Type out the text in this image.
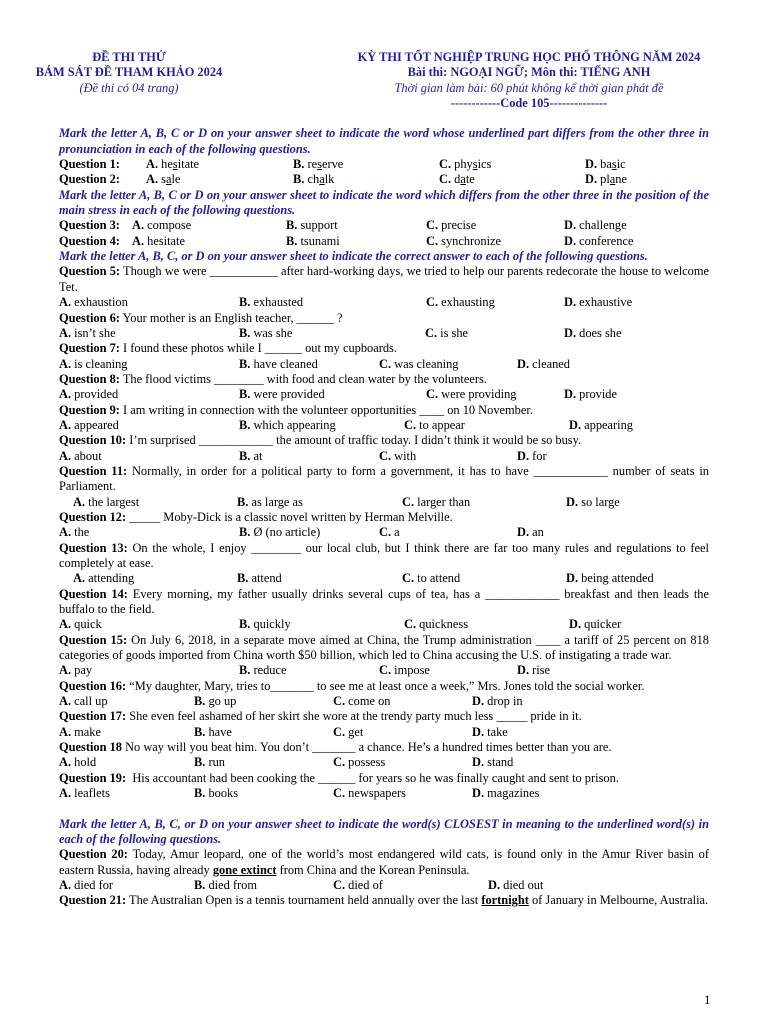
ĐỀ THI THỬ
BÁM SÁT ĐỀ THAM KHẢO 2024
(Đề thi có 04 trang)
KỲ THI TỐT NGHIỆP TRUNG HỌC PHỔ THÔNG NĂM 2024
Bài thi: NGOẠI NGỮ; Môn thi: TIẾNG ANH
Thời gian làm bài: 60 phút không kể thời gian phát đề
------------Code 105--------------
Mark the letter A, B, C or D on your answer sheet to indicate the word whose underlined part differs from the other three in pronunciation in each of the following questions.
Question 1:	A. hesitate	B. reserve	C. physics	D. basic
Question 2:	A. sale	B. chalk	C. date	D. plane
Mark the letter A, B, C or D on your answer sheet to indicate the word which differs from the other three in the position of the main stress in each of the following questions.
Question 3: A. compose	B. support	C. precise	D. challenge
Question 4: A. hesitate	B. tsunami	C. synchronize	D. conference
Mark the letter A, B, C, or D on your answer sheet to indicate the correct answer to each of the following questions.
Question 5: Though we were ___________ after hard-working days, we tried to help our parents redecorate the house to welcome Tet.
A. exhaustion	B. exhausted	C. exhausting	D. exhaustive
Question 6: Your mother is an English teacher, ______ ?
A. isn’t she	B. was she	C. is she	D. does she
Question 7: I found these photos while I ______ out my cupboards.
A. is cleaning	B. have cleaned	C. was cleaning	D. cleaned
Question 8: The flood victims ________ with food and clean water by the volunteers.
A. provided	B. were provided	C. were providing	D. provide
Question 9: I am writing in connection with the volunteer opportunities ____ on 10 November.
A. appeared	B. which appearing	C. to appear	D. appearing
Question 10: I’m surprised ____________ the amount of traffic today. I didn’t think it would be so busy.
A. about	B. at	C. with	D. for
Question 11: Normally, in order for a political party to form a government, it has to have ____________ number of seats in Parliament.
A. the largest	B. as large as	C. larger than	D. so large
Question 12: _____ Moby-Dick is a classic novel written by Herman Melville.
A. the	B. Ø (no article)	C. a	D. an
Question 13: On the whole, I enjoy ________ our local club, but I think there are far too many rules and regulations to feel completely at ease.
A. attending	B. attend	C. to attend	D. being attended
Question 14: Every morning, my father usually drinks several cups of tea, has a ____________ breakfast and then leads the buffalo to the field.
A. quick	B. quickly	C. quickness	D. quicker
Question 15: On July 6, 2018, in a separate move aimed at China, the Trump administration ____ a tariff of 25 percent on 818 categories of goods imported from China worth $50 billion, which led to China accusing the U.S. of instigating a trade war.
A. pay	B. reduce	C. impose	D. rise
Question 16: “My daughter, Mary, tries to_______ to see me at least once a week,” Mrs. Jones told the social worker.
A. call up	B. go up	C. come on	D. drop in
Question 17: She even feel ashamed of her skirt she wore at the trendy party much less _____ pride in it.
A. make	B. have	C. get	D. take
Question 18 No way will you beat him. You don’t _______ a chance. He’s a hundred times better than you are.
A. hold	B. run	C. possess	D. stand
Question 19: His accountant had been cooking the ______ for years so he was finally caught and sent to prison.
A. leaflets	B. books	C. newspapers	D. magazines
Mark the letter A, B, C, or D on your answer sheet to indicate the word(s) CLOSEST in meaning to the underlined word(s) in each of the following questions.
Question 20: Today, Amur leopard, one of the world’s most endangered wild cats, is found only in the Amur River basin of eastern Russia, having already gone extinct from China and the Korean Peninsula.
A. died for	B. died from	C. died of	D. died out
Question 21: The Australian Open is a tennis tournament held annually over the last fortnight of January in Melbourne, Australia.
1
